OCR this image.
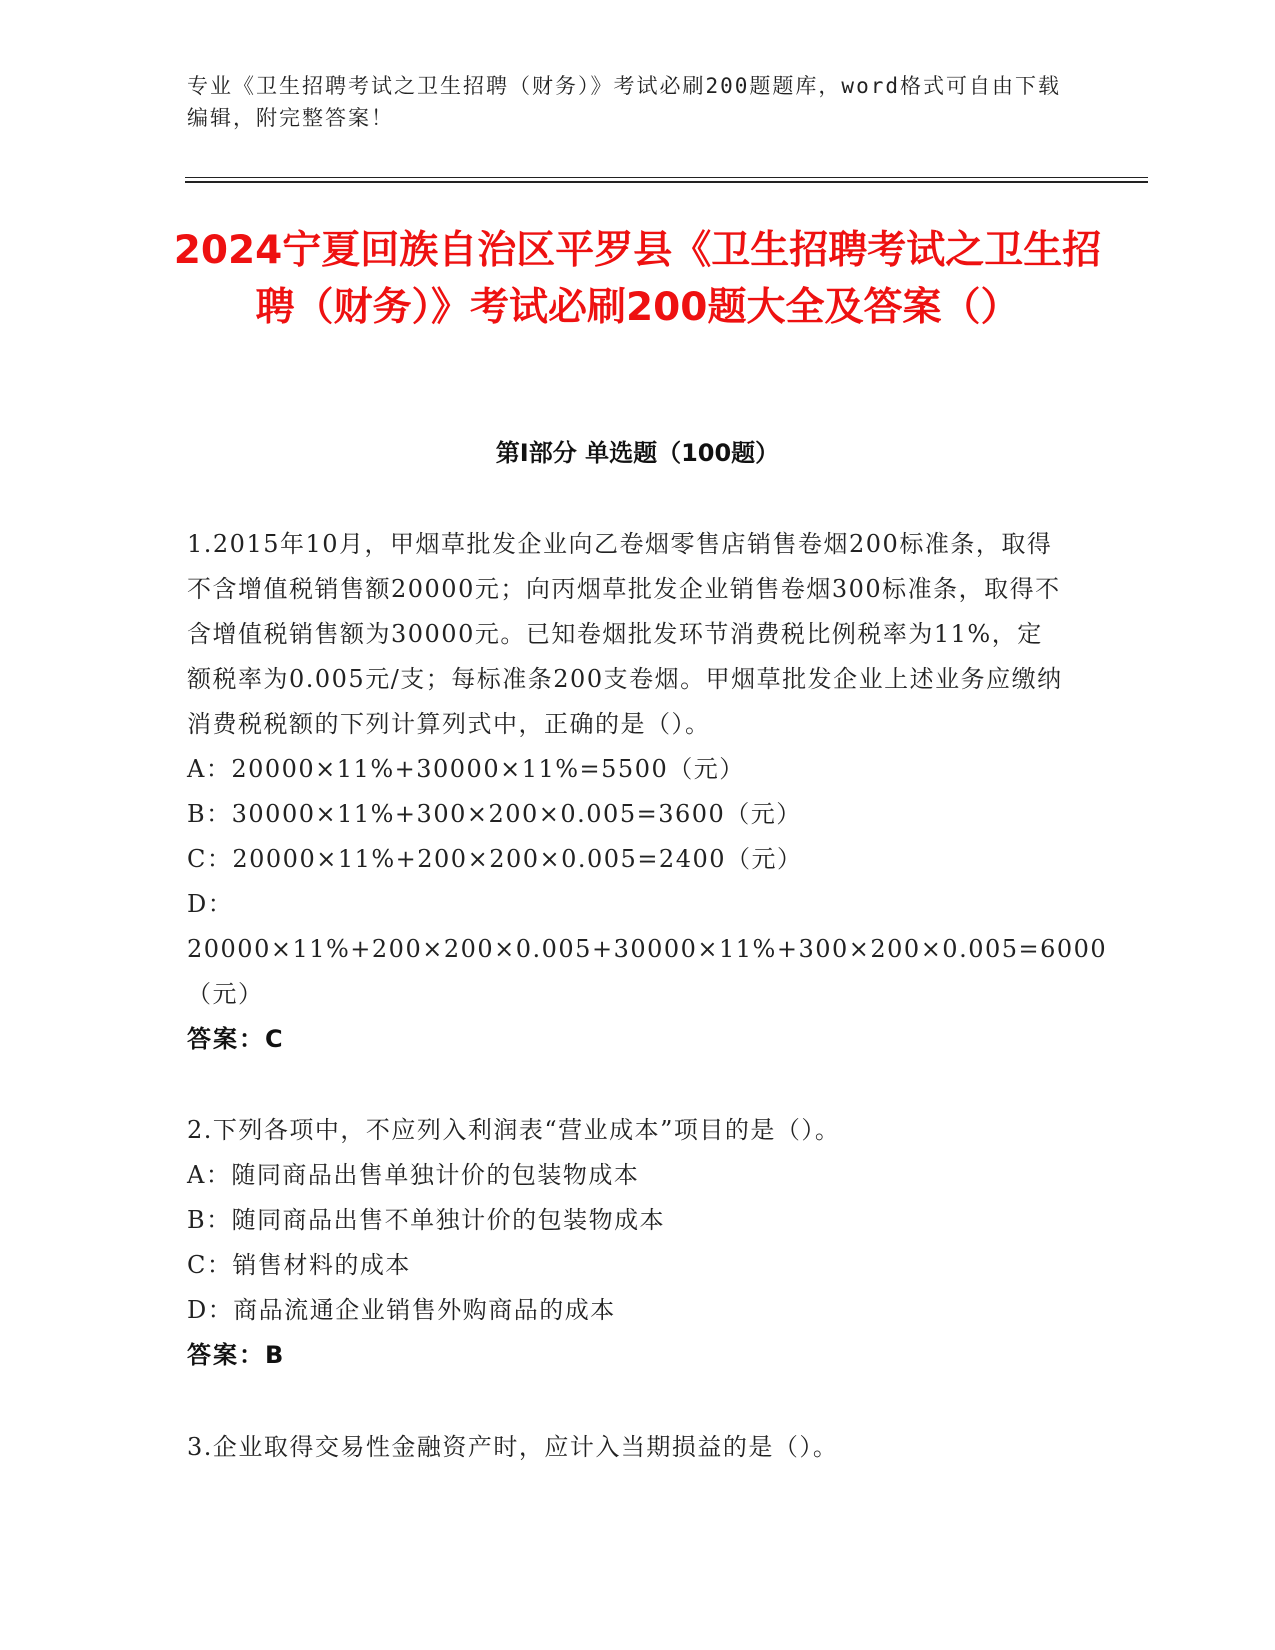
专业《卫生招聘考试之卫生招聘（财务）》考试必刷200题题库，word格式可自由下载编辑，附完整答案！
2024宁夏回族自治区平罗县《卫生招聘考试之卫生招聘（财务）》考试必刷200题大全及答案（）
第I部分 单选题（100题）

1.2015年10月，甲烟草批发企业向乙卷烟零售店销售卷烟200标准条，取得不含增值税销售额20000元；向丙烟草批发企业销售卷烟300标准条，取得不含增值税销售额为30000元。已知卷烟批发环节消费税比例税率为11%，定额税率为0.005元/支；每标准条200支卷烟。甲烟草批发企业上述业务应缴纳消费税税额的下列计算列式中，正确的是（）。

A：20000×11%+30000×11%=5500（元）
B：30000×11%+300×200×0.005=3600（元）
C：20000×11%+200×200×0.005=2400（元）
D：20000×11%+200×200×0.005+30000×11%+300×200×0.005=6000（元）
答案：C

2.下列各项中，不应列入利润表“营业成本”项目的是（）。

A：随同商品出售单独计价的包装物成本
B：随同商品出售不单独计价的包装物成本
C：销售材料的成本
D：商品流通企业销售外购商品的成本
答案：B

3.企业取得交易性金融资产时，应计入当期损益的是（）。
